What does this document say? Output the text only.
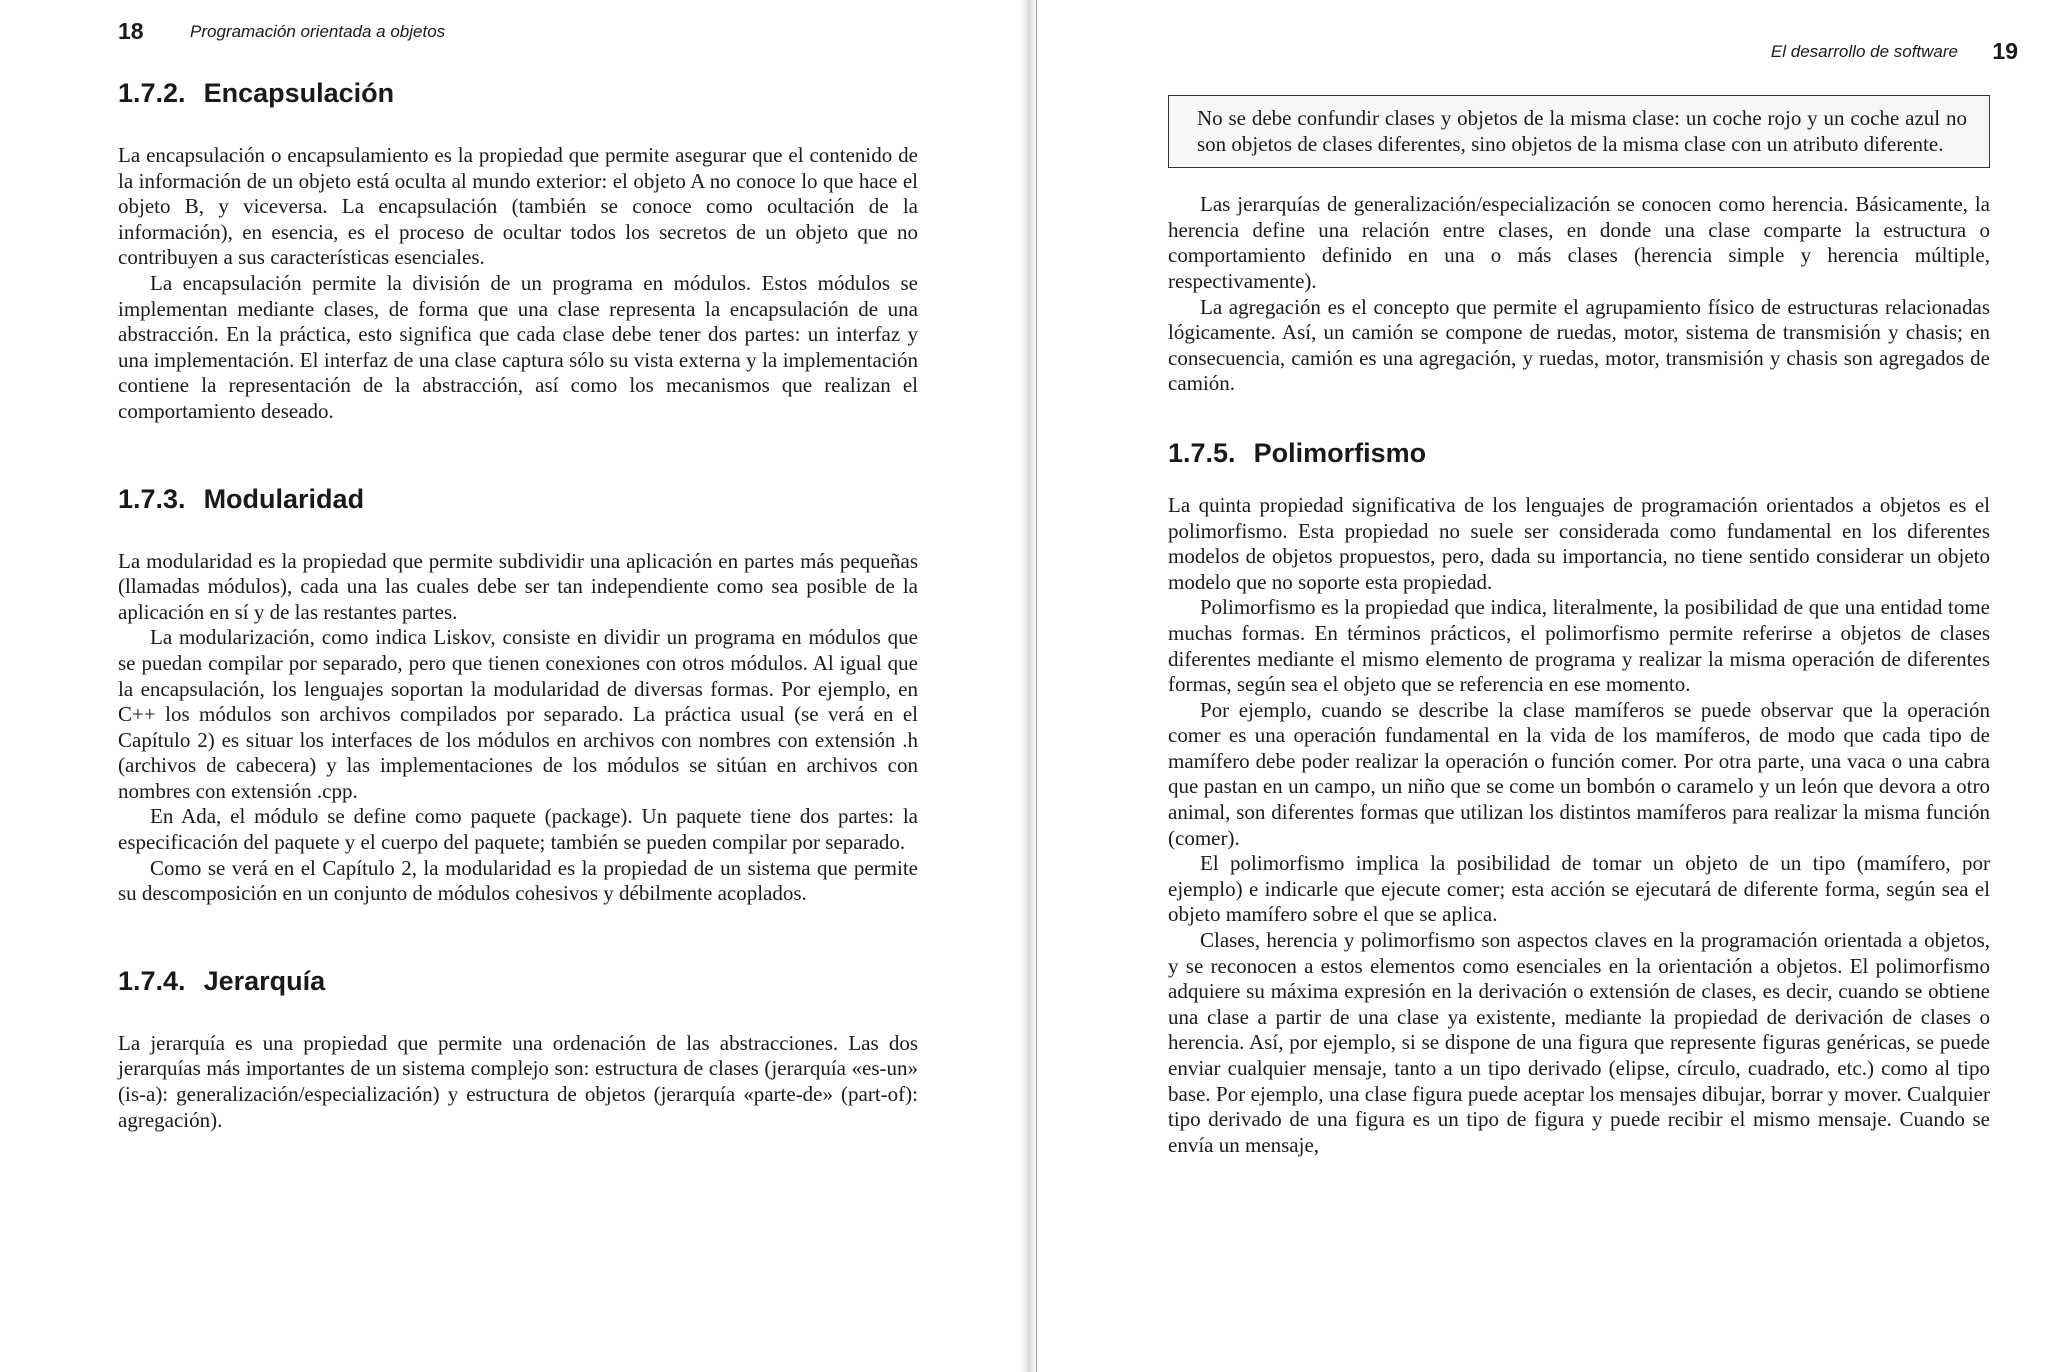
18	Programación orientada a objetos
1.7.2. Encapsulación

La encapsulación o encapsulamiento es la propiedad que permite asegurar que el contenido de la información de un objeto está oculta al mundo exterior: el objeto A no conoce lo que hace el objeto B, y viceversa. La encapsulación (también se conoce como ocultación de la información), en esencia, es el proceso de ocultar todos los secretos de un objeto que no contribuyen a sus características esenciales.

La encapsulación permite la división de un programa en módulos. Estos módulos se implementan mediante clases, de forma que una clase representa la encapsulación de una abstracción. En la práctica, esto significa que cada clase debe tener dos partes: un interfaz y una implementación. El interfaz de una clase captura sólo su vista externa y la implementación contiene la representación de la abstracción, así como los mecanismos que realizan el comportamiento deseado.

1.7.3. Modularidad

La modularidad es la propiedad que permite subdividir una aplicación en partes más pequeñas (llamadas módulos), cada una las cuales debe ser tan independiente como sea posible de la aplicación en sí y de las restantes partes.

La modularización, como indica Liskov, consiste en dividir un programa en módulos que se puedan compilar por separado, pero que tienen conexiones con otros módulos. Al igual que la encapsulación, los lenguajes soportan la modularidad de diversas formas. Por ejemplo, en C++ los módulos son archivos compilados por separado. La práctica usual (se verá en el Capítulo 2) es situar los interfaces de los módulos en archivos con nombres con extensión .h (archivos de cabecera) y las implementaciones de los módulos se sitúan en archivos con nombres con extensión .cpp.

En Ada, el módulo se define como paquete (package). Un paquete tiene dos partes: la especificación del paquete y el cuerpo del paquete; también se pueden compilar por separado.

Como se verá en el Capítulo 2, la modularidad es la propiedad de un sistema que permite su descomposición en un conjunto de módulos cohesivos y débilmente acoplados.

1.7.4. Jerarquía

La jerarquía es una propiedad que permite una ordenación de las abstracciones. Las dos jerarquías más importantes de un sistema complejo son: estructura de clases (jerarquía «es-un» (is-a): generalización/especialización) y estructura de objetos (jerarquía «parte-de» (part-of): agregación).

El desarrollo de software 19

No se debe confundir clases y objetos de la misma clase: un coche rojo y un coche azul no son objetos de clases diferentes, sino objetos de la misma clase con un atributo diferente.

Las jerarquías de generalización/especialización se conocen como herencia. Básicamente, la herencia define una relación entre clases, en donde una clase comparte la estructura o comportamiento definido en una o más clases (herencia simple y herencia múltiple, respectivamente).

La agregación es el concepto que permite el agrupamiento físico de estructuras relacionadas lógicamente. Así, un camión se compone de ruedas, motor, sistema de transmisión y chasis; en consecuencia, camión es una agregación, y ruedas, motor, transmisión y chasis son agregados de camión.

1.7.5. Polimorfismo

La quinta propiedad significativa de los lenguajes de programación orientados a objetos es el polimorfismo. Esta propiedad no suele ser considerada como fundamental en los diferentes modelos de objetos propuestos, pero, dada su importancia, no tiene sentido considerar un objeto modelo que no soporte esta propiedad.

Polimorfismo es la propiedad que indica, literalmente, la posibilidad de que una entidad tome muchas formas. En términos prácticos, el polimorfismo permite referirse a objetos de clases diferentes mediante el mismo elemento de programa y realizar la misma operación de diferentes formas, según sea el objeto que se referencia en ese momento.

Por ejemplo, cuando se describe la clase mamíferos se puede observar que la operación comer es una operación fundamental en la vida de los mamíferos, de modo que cada tipo de mamífero debe poder realizar la operación o función comer. Por otra parte, una vaca o una cabra que pastan en un campo, un niño que se come un bombón o caramelo y un león que devora a otro animal, son diferentes formas que utilizan los distintos mamíferos para realizar la misma función (comer).

El polimorfismo implica la posibilidad de tomar un objeto de un tipo (mamífero, por ejemplo) e indicarle que ejecute comer; esta acción se ejecutará de diferente forma, según sea el objeto mamífero sobre el que se aplica.

Clases, herencia y polimorfismo son aspectos claves en la programación orientada a objetos, y se reconocen a estos elementos como esenciales en la orientación a objetos. El polimorfismo adquiere su máxima expresión en la derivación o extensión de clases, es decir, cuando se obtiene una clase a partir de una clase ya existente, mediante la propiedad de derivación de clases o herencia. Así, por ejemplo, si se dispone de una figura que represente figuras genéricas, se puede enviar cualquier mensaje, tanto a un tipo derivado (elipse, círculo, cuadrado, etc.) como al tipo base. Por ejemplo, una clase figura puede aceptar los mensajes dibujar, borrar y mover. Cualquier tipo derivado de una figura es un tipo de figura y puede recibir el mismo mensaje. Cuando se envía un mensaje,
